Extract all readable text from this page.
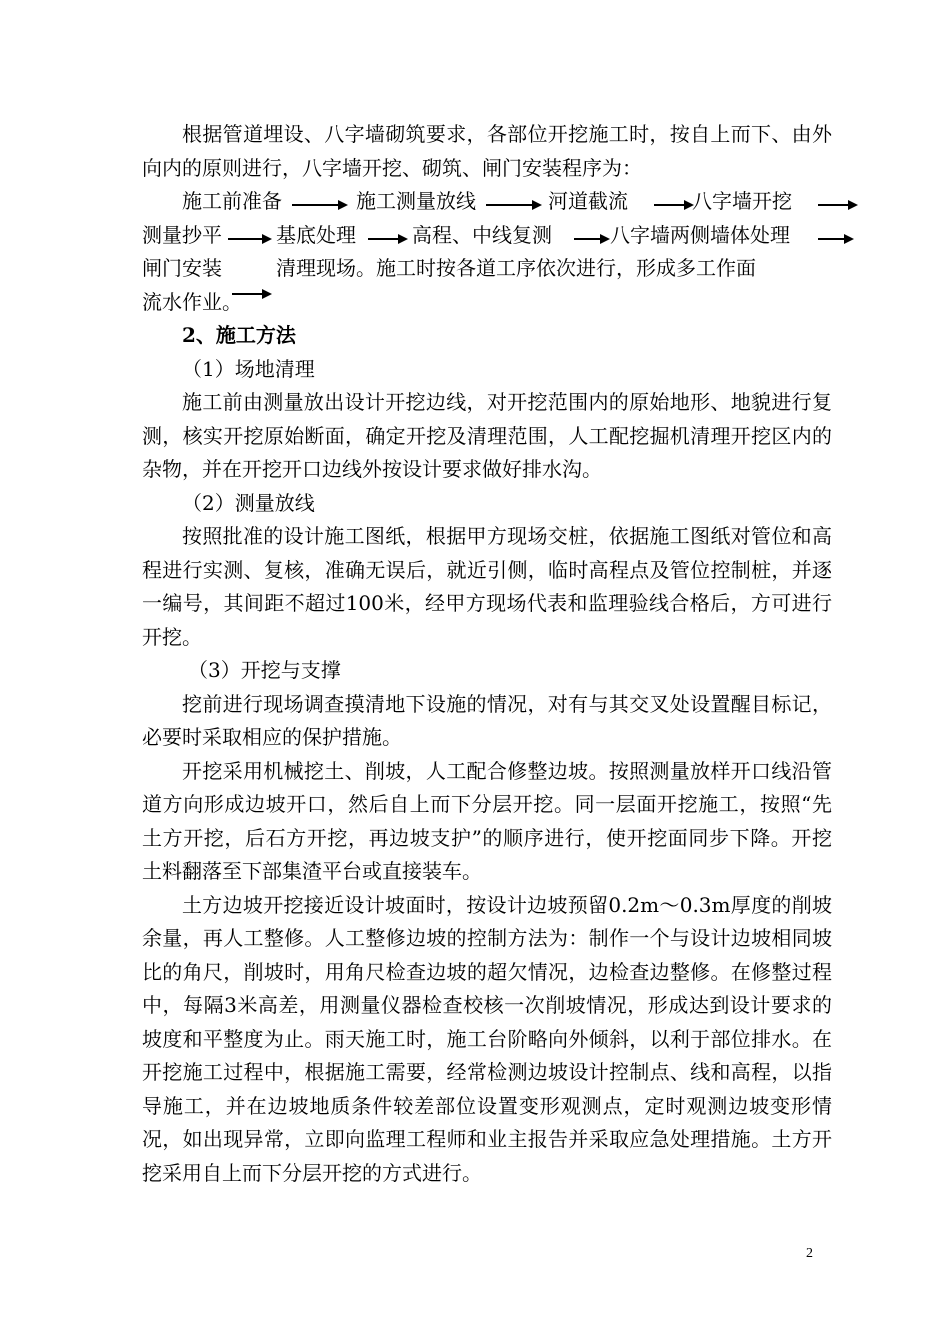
根据管道埋设、八字墙砌筑要求，各部位开挖施工时，按自上而下、由外向内的原则进行，八字墙开挖、砌筑、闸门安装程序为：

施工前准备	施工测量放线	河道截流	八字墙开挖
测量抄平	基底处理	高程、中线复测	八字墙两侧墙体处理
闸门安装	清理现场。施工时按各道工序依次进行，形成多工作面
流水作业。

2、施工方法

（1）场地清理

施工前由测量放出设计开挖边线，对开挖范围内的原始地形、地貌进行复测，核实开挖原始断面，确定开挖及清理范围，人工配挖掘机清理开挖区内的杂物，并在开挖开口边线外按设计要求做好排水沟。

（2）测量放线

按照批准的设计施工图纸，根据甲方现场交桩，依据施工图纸对管位和高程进行实测、复核，准确无误后，就近引侧，临时高程点及管位控制桩，并逐一编号，其间距不超过100米，经甲方现场代表和监理验线合格后，方可进行开挖。

（3）开挖与支撑

挖前进行现场调查摸清地下设施的情况，对有与其交叉处设置醒目标记，必要时采取相应的保护措施。

开挖采用机械挖土、削坡，人工配合修整边坡。按照测量放样开口线沿管道方向形成边坡开口，然后自上而下分层开挖。同一层面开挖施工，按照“先土方开挖，后石方开挖，再边坡支护”的顺序进行，使开挖面同步下降。开挖土料翻落至下部集渣平台或直接装车。

土方边坡开挖接近设计坡面时，按设计边坡预留0.2m～0.3m厚度的削坡余量，再人工整修。人工整修边坡的控制方法为：制作一个与设计边坡相同坡比的角尺，削坡时，用角尺检查边坡的超欠情况，边检查边整修。在修整过程中，每隔3米高差，用测量仪器检查校核一次削坡情况，形成达到设计要求的坡度和平整度为止。雨天施工时，施工台阶略向外倾斜，以利于部位排水。在开挖施工过程中，根据施工需要，经常检测边坡设计控制点、线和高程，以指导施工，并在边坡地质条件较差部位设置变形观测点，定时观测边坡变形情况，如出现异常，立即向监理工程师和业主报告并采取应急处理措施。土方开挖采用自上而下分层开挖的方式进行。

2
